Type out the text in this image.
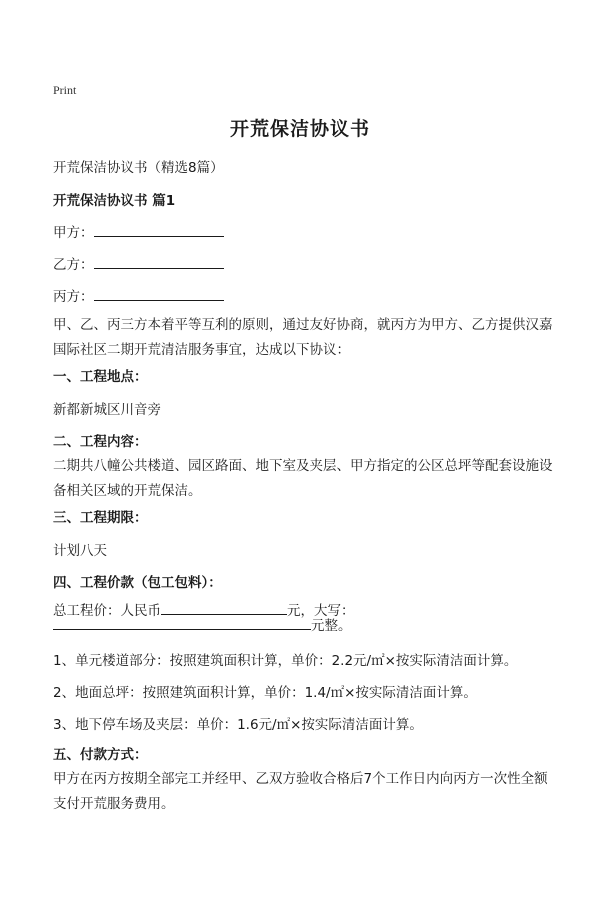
Print
开荒保洁协议书
开荒保洁协议书（精选8篇）
开荒保洁协议书 篇1
甲方：
乙方：
丙方：
甲、乙、丙三方本着平等互利的原则，通过友好协商，就丙方为甲方、乙方提供汉嘉国际社区二期开荒清洁服务事宜，达成以下协议：
一、工程地点：
新都新城区川音旁
二、工程内容：
二期共八幢公共楼道、园区路面、地下室及夹层、甲方指定的公区总坪等配套设施设备相关区域的开荒保洁。
三、工程期限：
计划八天
四、工程价款（包工包料）：
总工程价：人民币	元，大写：
元整。
1、单元楼道部分：按照建筑面积计算，单价：2.2元/㎡×按实际清洁面计算。
2、地面总坪：按照建筑面积计算，单价：1.4/㎡×按实际清洁面计算。
3、地下停车场及夹层：单价：1.6元/㎡×按实际清洁面计算。
五、付款方式：
甲方在丙方按期全部完工并经甲、乙双方验收合格后7个工作日内向丙方一次性全额支付开荒服务费用。
